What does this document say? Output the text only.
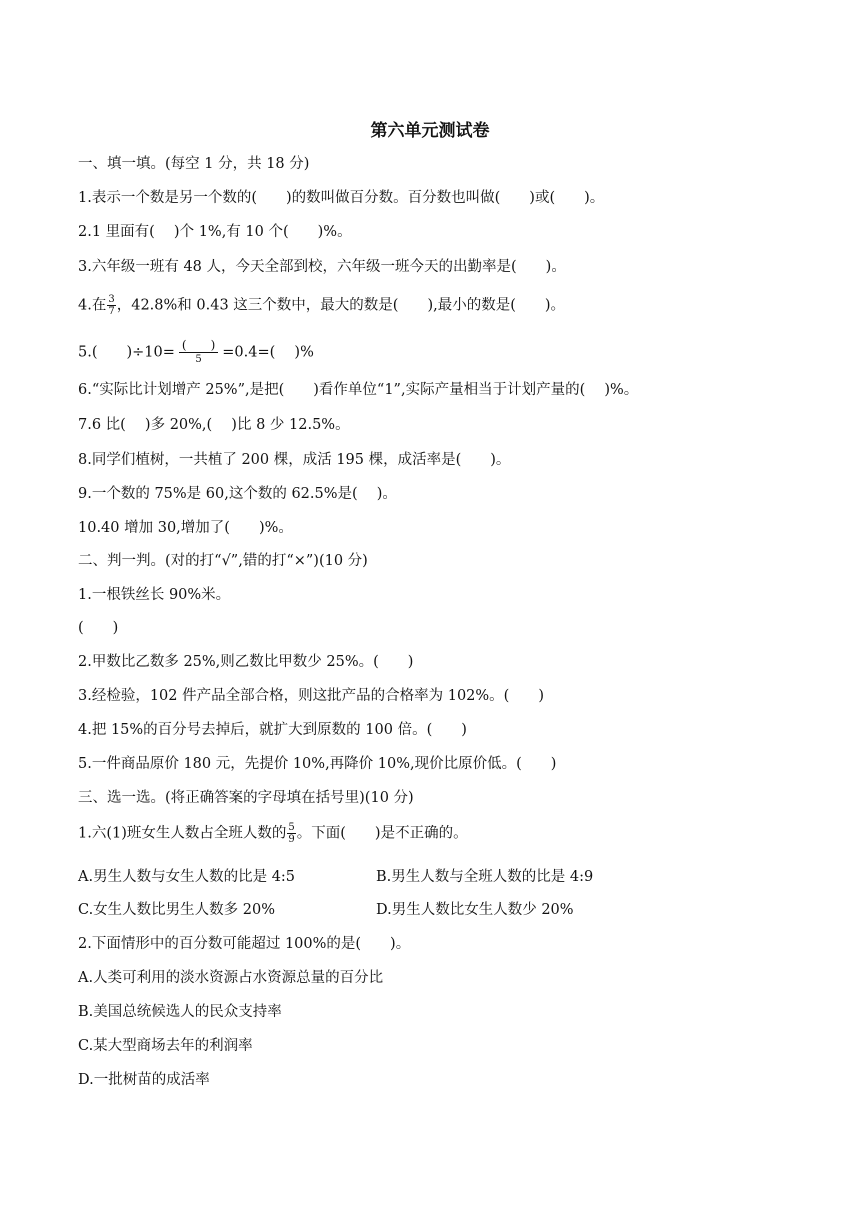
第六单元测试卷
一、填一填。(每空 1 分，共 18 分)
1.表示一个数是另一个数的(　　)的数叫做百分数。百分数也叫做(　　)或(　　)。
2.1 里面有(　 )个 1%,有 10 个(　　)%。
3.六年级一班有 48 人，今天全部到校，六年级一班今天的出勤率是(　　)。
4.在 $\frac{3}{7}$ ，42.8%和 0.43 这三个数中，最大的数是(　　),最小的数是(　　)。
5.(　　)$\div 10= \frac{( )}{5} =0.4=$(　 )%
6.“实际比计划增产 25%”,是把(　　)看作单位“1”,实际产量相当于计划产量的(　 )%。
7.6 比(　 )多 20%,(　 )比 8 少 12.5%。
8.同学们植树，一共植了 200 棵，成活 195 棵，成活率是(　　)。
9.一个数的 75%是 60,这个数的 62.5%是(　 )。
10.40 增加 30,增加了(　　)%。
二、判一判。(对的打“√”,错的打“×”)(10 分)
1.一根铁丝长 90%米。
(　　)
2.甲数比乙数多 25%,则乙数比甲数少 25%。(　　)
3.经检验，102 件产品全部合格，则这批产品的合格率为 102%。(　　)
4.把 15%的百分号去掉后，就扩大到原数的 100 倍。(　　)
5.一件商品原价 180 元，先提价 10%,再降价 10%,现价比原价低。(　　)
三、选一选。(将正确答案的字母填在括号里)(10 分)
1.六(1)班女生人数占全班人数的 $\frac{5}{9}$ 。下面(　　)是不正确的。
A.男生人数与女生人数的比是 4:5	B.男生人数与全班人数的比是 4:9
C.女生人数比男生人数多 20%	D.男生人数比女生人数少 20%
2.下面情形中的百分数可能超过 100%的是(　　)。
A.人类可利用的淡水资源占水资源总量的百分比
B.美国总统候选人的民众支持率
C.某大型商场去年的利润率
D.一批树苗的成活率
